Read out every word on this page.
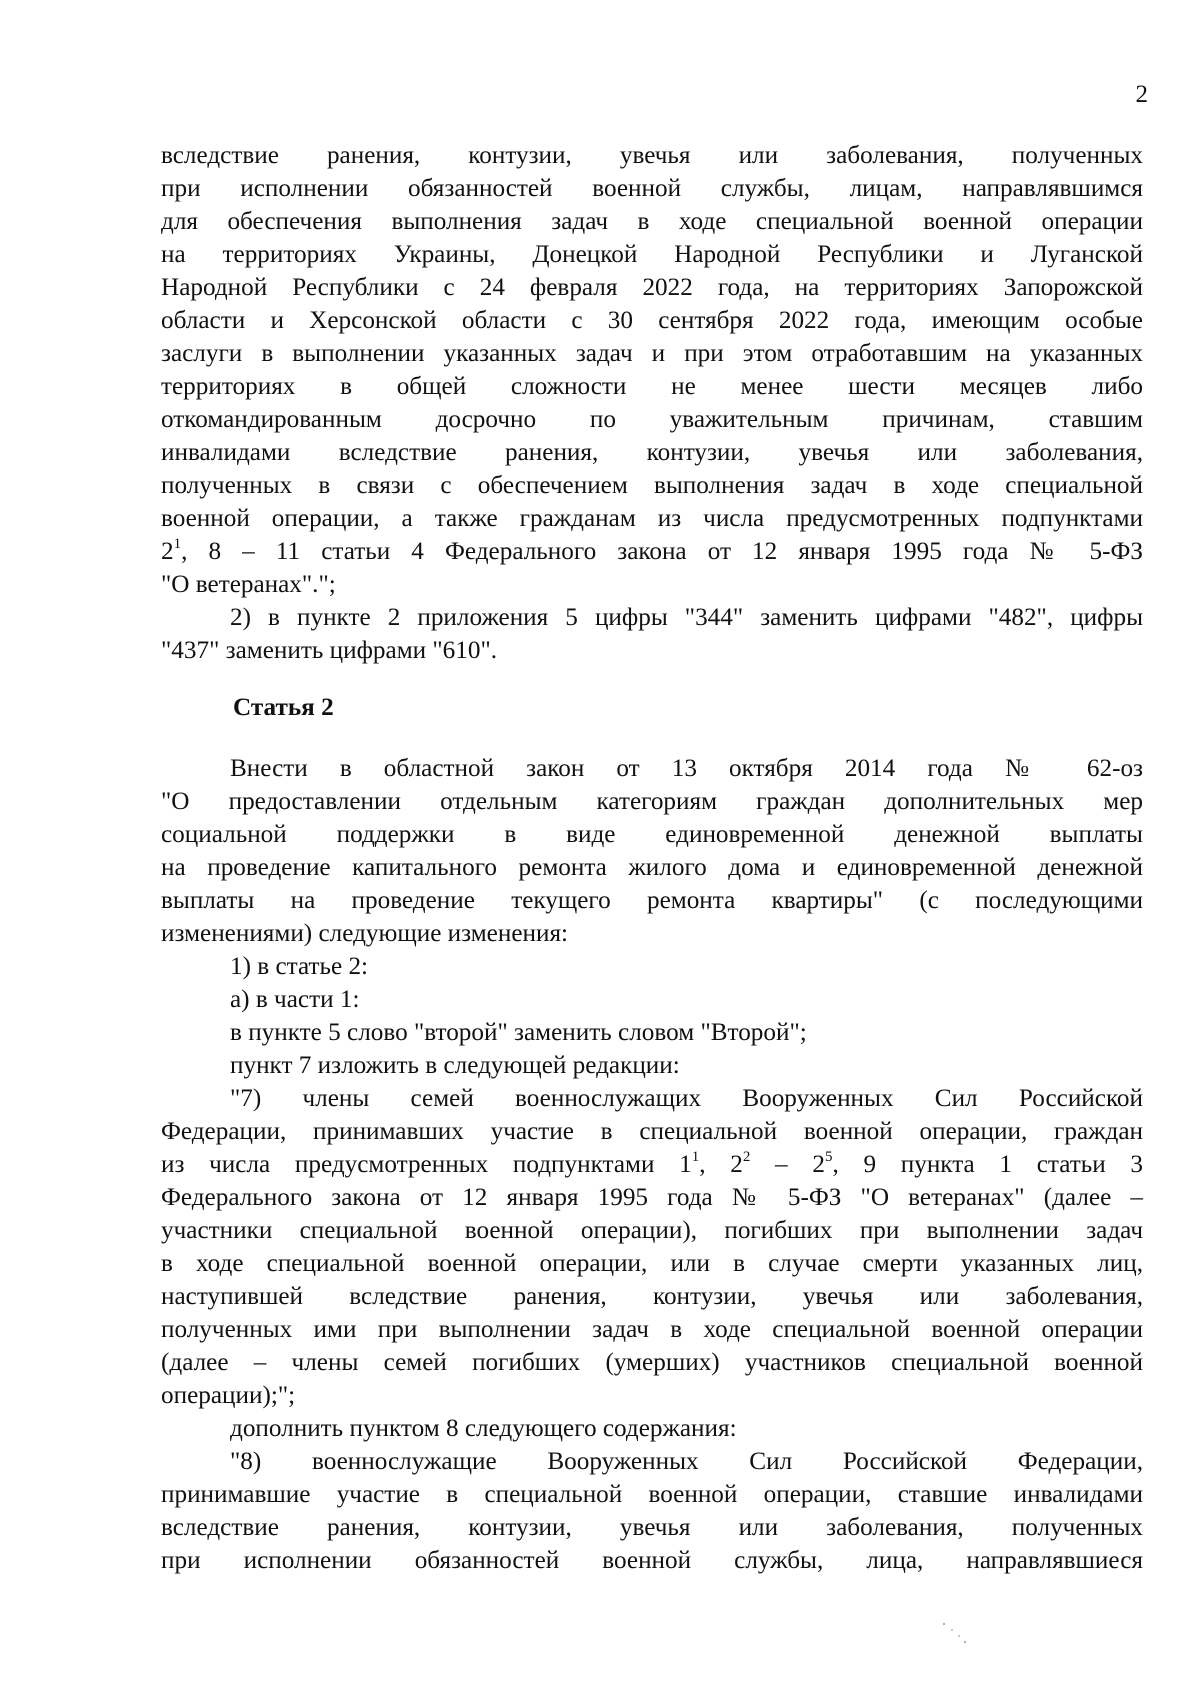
2

вследствие ранения, контузии, увечья или заболевания, полученных

при исполнении обязанностей военной службы, лицам, направлявшимся

для обеспечения выполнения задач в ходе специальной военной операции

на территориях Украины, Донецкой Народной Республики и Луганской

Народной Республики с 24 февраля 2022 года, на территориях Запорожской

области и Херсонской области с 30 сентября 2022 года, имеющим особые

заслуги в выполнении указанных задач и при этом отработавшим на указанных

территориях в общей сложности не менее шести месяцев либо

откомандированным досрочно по уважительным причинам, ставшим

инвалидами вследствие ранения, контузии, увечья или заболевания,

полученных в связи с обеспечением выполнения задач в ходе специальной

военной операции, а также гражданам из числа предусмотренных подпунктами

$2^1$, 8 – 11 статьи 4 Федерального закона от 12 января 1995 года № 5-ФЗ

"О ветеранах".";

2) в пункте 2 приложения 5 цифры "344" заменить цифрами "482", цифры

"437" заменить цифрами "610".

Статья 2

Внести в областной закон от 13 октября 2014 года № 62-оз

"О предоставлении отдельным категориям граждан дополнительных мер

социальной поддержки в виде единовременной денежной выплаты

на проведение капитального ремонта жилого дома и единовременной денежной

выплаты на проведение текущего ремонта квартиры" (с последующими

изменениями) следующие изменения:

1) в статье 2:

а) в части 1:

в пункте 5 слово "второй" заменить словом "Второй";

пункт 7 изложить в следующей редакции:

"7) члены семей военнослужащих Вооруженных Сил Российской

Федерации, принимавших участие в специальной военной операции, граждан

из числа предусмотренных подпунктами $1^1$, $2^2 - 2^5$, 9 пункта 1 статьи 3

Федерального закона от 12 января 1995 года № 5-ФЗ "О ветеранах" (далее –

участники специальной военной операции), погибших при выполнении задач

в ходе специальной военной операции, или в случае смерти указанных лиц,

наступившей вследствие ранения, контузии, увечья или заболевания,

полученных ими при выполнении задач в ходе специальной военной операции

(далее – члены семей погибших (умерших) участников специальной военной

операции);";

дополнить пунктом 8 следующего содержания:

"8) военнослужащие Вооруженных Сил Российской Федерации,

принимавшие участие в специальной военной операции, ставшие инвалидами

вследствие ранения, контузии, увечья или заболевания, полученных

при исполнении обязанностей военной службы, лица, направлявшиеся
